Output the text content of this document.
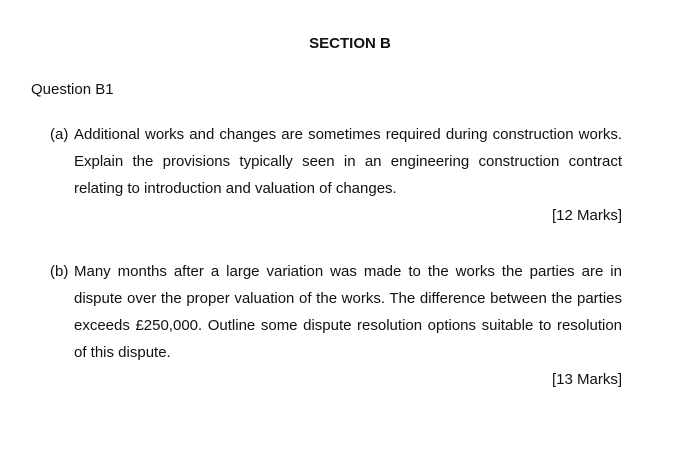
SECTION B
Question B1
(a) Additional works and changes are sometimes required during construction works. Explain the provisions typically seen in an engineering construction contract relating to introduction and valuation of changes.
[12 Marks]
(b) Many months after a large variation was made to the works the parties are in dispute over the proper valuation of the works. The difference between the parties exceeds £250,000. Outline some dispute resolution options suitable to resolution of this dispute.
[13 Marks]
